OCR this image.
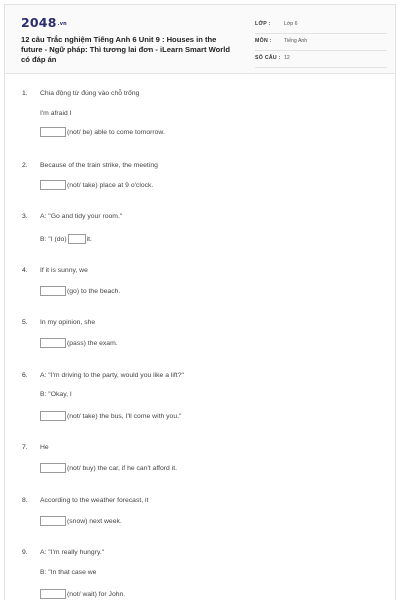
2048.vn
12 câu Trắc nghiệm Tiếng Anh 6 Unit 9 : Houses in the future - Ngữ pháp: Thì tương lai đơn - iLearn Smart World có đáp án
LỚP :	Lớp 6
MÔN : Tiếng Anh
SỐ CÂU : 12
1. Chia động từ đúng vào chỗ trống
I'm afraid I
(not/ be) able to come tomorrow.
2. Because of the train strike, the meeting
(not/ take) place at 9 o'clock.
3. A: "Go and tidy your room."
B: "I (do)	it.
4. If it is sunny, we
(go) to the beach.
5. In my opinion, she
(pass) the exam.
6. A: "I'm driving to the party, would you like a lift?"
B: "Okay, I
(not/ take) the bus, I'll come with you."
7. He
(not/ buy) the car, if he can't afford it.
8. According to the weather forecast, it
(snow) next week.
9. A: "I'm really hungry."
B: "In that case we
(not/ wait) for John.
